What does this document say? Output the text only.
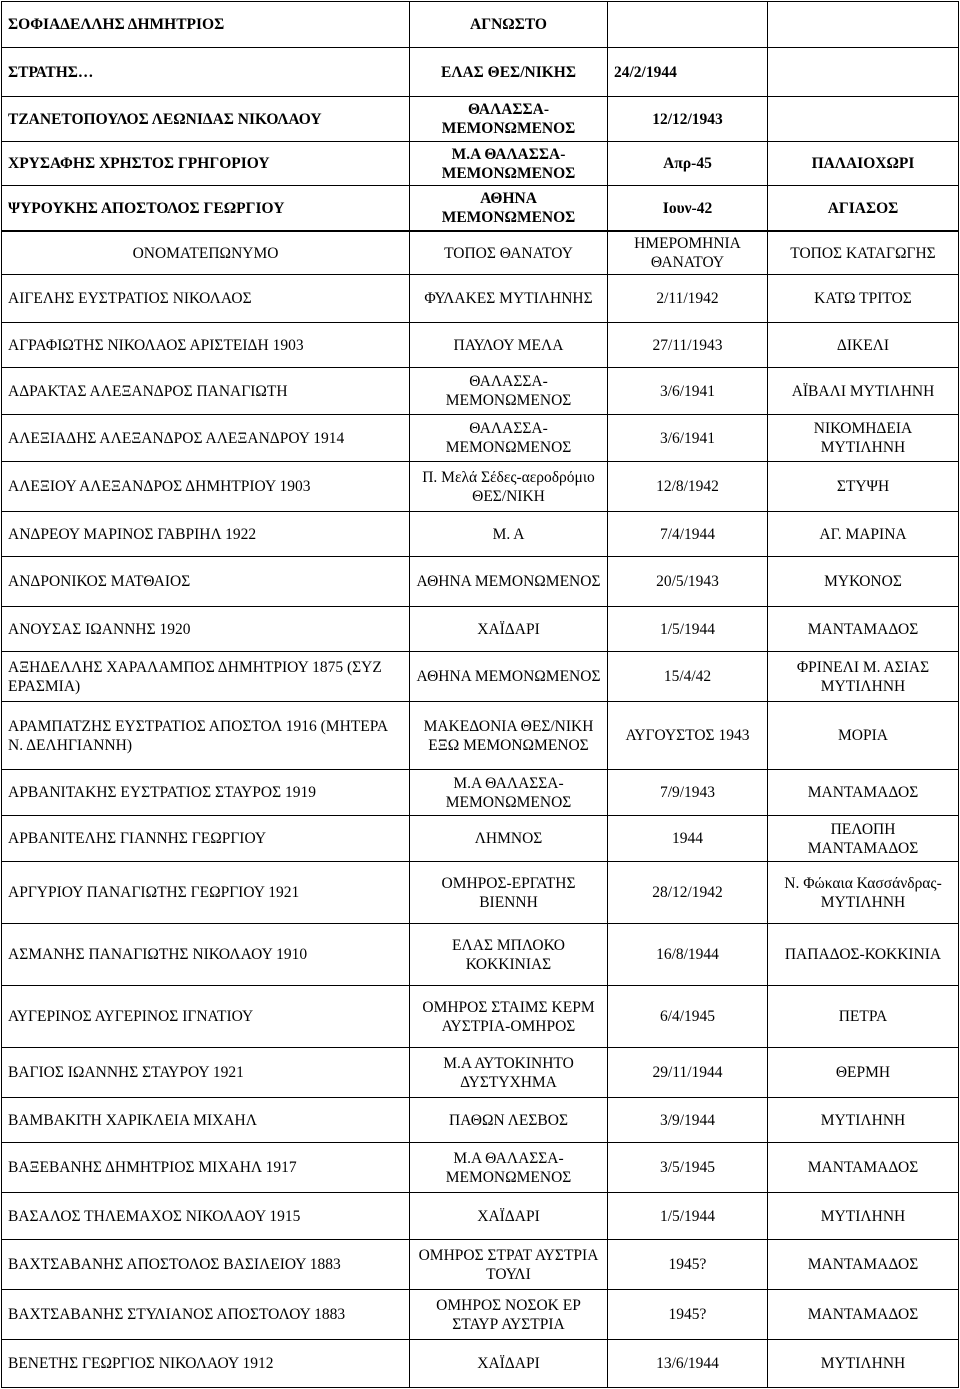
ΣΟΦΙΑΔΕΛΛΗΣ ΔΗΜΗΤΡΙΟΣ	ΑΓΝΩΣΤΟ		
ΣΤΡΑΤΗΣ…	ΕΛΑΣ ΘΕΣ/ΝΙΚΗΣ	24/2/1944	
ΤΖΑΝΕΤΟΠΟΥΛΟΣ ΛΕΩΝΙΔΑΣ ΝΙΚΟΛΑΟΥ	ΘΑΛΑΣΣΑ-ΜΕΜΟΝΩΜΕΝΟΣ	12/12/1943	
ΧΡΥΣΑΦΗΣ ΧΡΗΣΤΟΣ ΓΡΗΓΟΡΙΟΥ	Μ.Α ΘΑΛΑΣΣΑ-ΜΕΜΟΝΩΜΕΝΟΣ	Απρ-45	ΠΑΛΑΙΟΧΩΡΙ
ΨΥΡΟΥΚΗΣ ΑΠΟΣΤΟΛΟΣ ΓΕΩΡΓΙΟΥ	ΑΘΗΝΑ ΜΕΜΟΝΩΜΕΝΟΣ	Ιουν-42	ΑΓΙΑΣΟΣ
ΟΝΟΜΑΤΕΠΩΝΥΜΟ	ΤΟΠΟΣ ΘΑΝΑΤΟΥ	ΗΜΕΡΟΜΗΝΙΑ ΘΑΝΑΤΟΥ	ΤΟΠΟΣ ΚΑΤΑΓΩΓΗΣ
ΑΙΓΕΛΗΣ ΕΥΣΤΡΑΤΙΟΣ ΝΙΚΟΛΑΟΣ	ΦΥΛΑΚΕΣ ΜΥΤΙΛΗΝΗΣ	2/11/1942	ΚΑΤΩ ΤΡΙΤΟΣ
ΑΓΡΑΦΙΩΤΗΣ ΝΙΚΟΛΑΟΣ ΑΡΙΣΤΕΙΔΗ 1903	ΠΑΥΛΟΥ ΜΕΛΑ	27/11/1943	ΔΙΚΕΛΙ
ΑΔΡΑΚΤΑΣ ΑΛΕΞΑΝΔΡΟΣ ΠΑΝΑΓΙΩΤΗ	ΘΑΛΑΣΣΑ-ΜΕΜΟΝΩΜΕΝΟΣ	3/6/1941	ΑΪΒΑΛΙ ΜΥΤΙΛΗΝΗ
ΑΛΕΞΙΑΔΗΣ ΑΛΕΞΑΝΔΡΟΣ ΑΛΕΞΑΝΔΡΟΥ 1914	ΘΑΛΑΣΣΑ-ΜΕΜΟΝΩΜΕΝΟΣ	3/6/1941	ΝΙΚΟΜΗΔΕΙΑ ΜΥΤΙΛΗΝΗ
ΑΛΕΞΙΟΥ ΑΛΕΞΑΝΔΡΟΣ ΔΗΜΗΤΡΙΟΥ 1903	Π. Μελά Σέδες-αεροδρόμιο ΘΕΣ/ΝΙΚΗ	12/8/1942	ΣΤΥΨΗ
ΑΝΔΡΕΟΥ ΜΑΡΙΝΟΣ ΓΑΒΡΙΗΛ 1922	Μ. Α	7/4/1944	ΑΓ. ΜΑΡΙΝΑ
ΑΝΔΡΟΝΙΚΟΣ ΜΑΤΘΑΙΟΣ	ΑΘΗΝΑ ΜΕΜΟΝΩΜΕΝΟΣ	20/5/1943	ΜΥΚΟΝΟΣ
ΑΝΟΥΣΑΣ ΙΩΑΝΝΗΣ 1920	ΧΑΪΔΑΡΙ	1/5/1944	ΜΑΝΤΑΜΑΔΟΣ
ΑΞΗΔΕΛΛΗΣ ΧΑΡΑΛΑΜΠΟΣ ΔΗΜΗΤΡΙΟΥ 1875 (ΣΥΖ ΕΡΑΣΜΙΑ)	ΑΘΗΝΑ ΜΕΜΟΝΩΜΕΝΟΣ	15/4/42	ΦΡΙΝΕΛΙ Μ. ΑΣΙΑΣ ΜΥΤΙΛΗΝΗ
ΑΡΑΜΠΑΤΖΗΣ ΕΥΣΤΡΑΤΙΟΣ ΑΠΟΣΤΟΛ 1916 (ΜΗΤΕΡΑ Ν. ΔΕΛΗΓΙΑΝΝΗ)	ΜΑΚΕΔΟΝΙΑ ΘΕΣ/ΝΙΚΗ ΕΞΩ ΜΕΜΟΝΩΜΕΝΟΣ	ΑΥΓΟΥΣΤΟΣ 1943	ΜΟΡΙΑ
ΑΡΒΑΝΙΤΑΚΗΣ ΕΥΣΤΡΑΤΙΟΣ ΣΤΑΥΡΟΣ 1919	Μ.Α ΘΑΛΑΣΣΑ-ΜΕΜΟΝΩΜΕΝΟΣ	7/9/1943	ΜΑΝΤΑΜΑΔΟΣ
ΑΡΒΑΝΙΤΕΛΗΣ ΓΙΑΝΝΗΣ ΓΕΩΡΓΙΟΥ	ΛΗΜΝΟΣ	1944	ΠΕΛΟΠΗ ΜΑΝΤΑΜΑΔΟΣ
ΑΡΓΥΡΙΟΥ ΠΑΝΑΓΙΩΤΗΣ ΓΕΩΡΓΙΟΥ 1921	ΟΜΗΡΟΣ-ΕΡΓΑΤΗΣ ΒΙΕΝΝΗ	28/12/1942	Ν. Φώκαια Κασσάνδρας-ΜΥΤΙΛΗΝΗ
ΑΣΜΑΝΗΣ ΠΑΝΑΓΙΩΤΗΣ ΝΙΚΟΛΑΟΥ 1910	ΕΛΑΣ ΜΠΛΟΚΟ ΚΟΚΚΙΝΙΑΣ	16/8/1944	ΠΑΠΑΔΟΣ-ΚΟΚΚΙΝΙΑ
ΑΥΓΕΡΙΝΟΣ ΑΥΓΕΡΙΝΟΣ ΙΓΝΑΤΙΟΥ	ΟΜΗΡΟΣ ΣΤΑΙΜΣ ΚΕΡΜ ΑΥΣΤΡΙΑ-ΟΜΗΡΟΣ	6/4/1945	ΠΕΤΡΑ
ΒΑΓΙΟΣ ΙΩΑΝΝΗΣ ΣΤΑΥΡΟΥ 1921	Μ.Α ΑΥΤΟΚΙΝΗΤΟ ΔΥΣΤΥΧΗΜΑ	29/11/1944	ΘΕΡΜΗ
ΒΑΜΒΑΚΙΤΗ ΧΑΡΙΚΛΕΙΑ ΜΙΧΑΗΛ	ΠΑΘΩΝ ΛΕΣΒΟΣ	3/9/1944	ΜΥΤΙΛΗΝΗ
ΒΑΞΕΒΑΝΗΣ ΔΗΜΗΤΡΙΟΣ ΜΙΧΑΗΛ 1917	Μ.Α ΘΑΛΑΣΣΑ-ΜΕΜΟΝΩΜΕΝΟΣ	3/5/1945	ΜΑΝΤΑΜΑΔΟΣ
ΒΑΣΑΛΟΣ ΤΗΛΕΜΑΧΟΣ ΝΙΚΟΛΑΟΥ 1915	ΧΑΪΔΑΡΙ	1/5/1944	ΜΥΤΙΛΗΝΗ
ΒΑΧΤΣΑΒΑΝΗΣ ΑΠΟΣΤΟΛΟΣ ΒΑΣΙΛΕΙΟΥ 1883	ΟΜΗΡΟΣ ΣΤΡΑΤ ΑΥΣΤΡΙΑ ΤΟΥΛΙ	1945?	ΜΑΝΤΑΜΑΔΟΣ
ΒΑΧΤΣΑΒΑΝΗΣ ΣΤΥΛΙΑΝΟΣ ΑΠΟΣΤΟΛΟΥ 1883	ΟΜΗΡΟΣ ΝΟΣΟΚ ΕΡ ΣΤΑΥΡ ΑΥΣΤΡΙΑ	1945?	ΜΑΝΤΑΜΑΔΟΣ
ΒΕΝΕΤΗΣ ΓΕΩΡΓΙΟΣ ΝΙΚΟΛΑΟΥ 1912	ΧΑΪΔΑΡΙ	13/6/1944	ΜΥΤΙΛΗΝΗ
